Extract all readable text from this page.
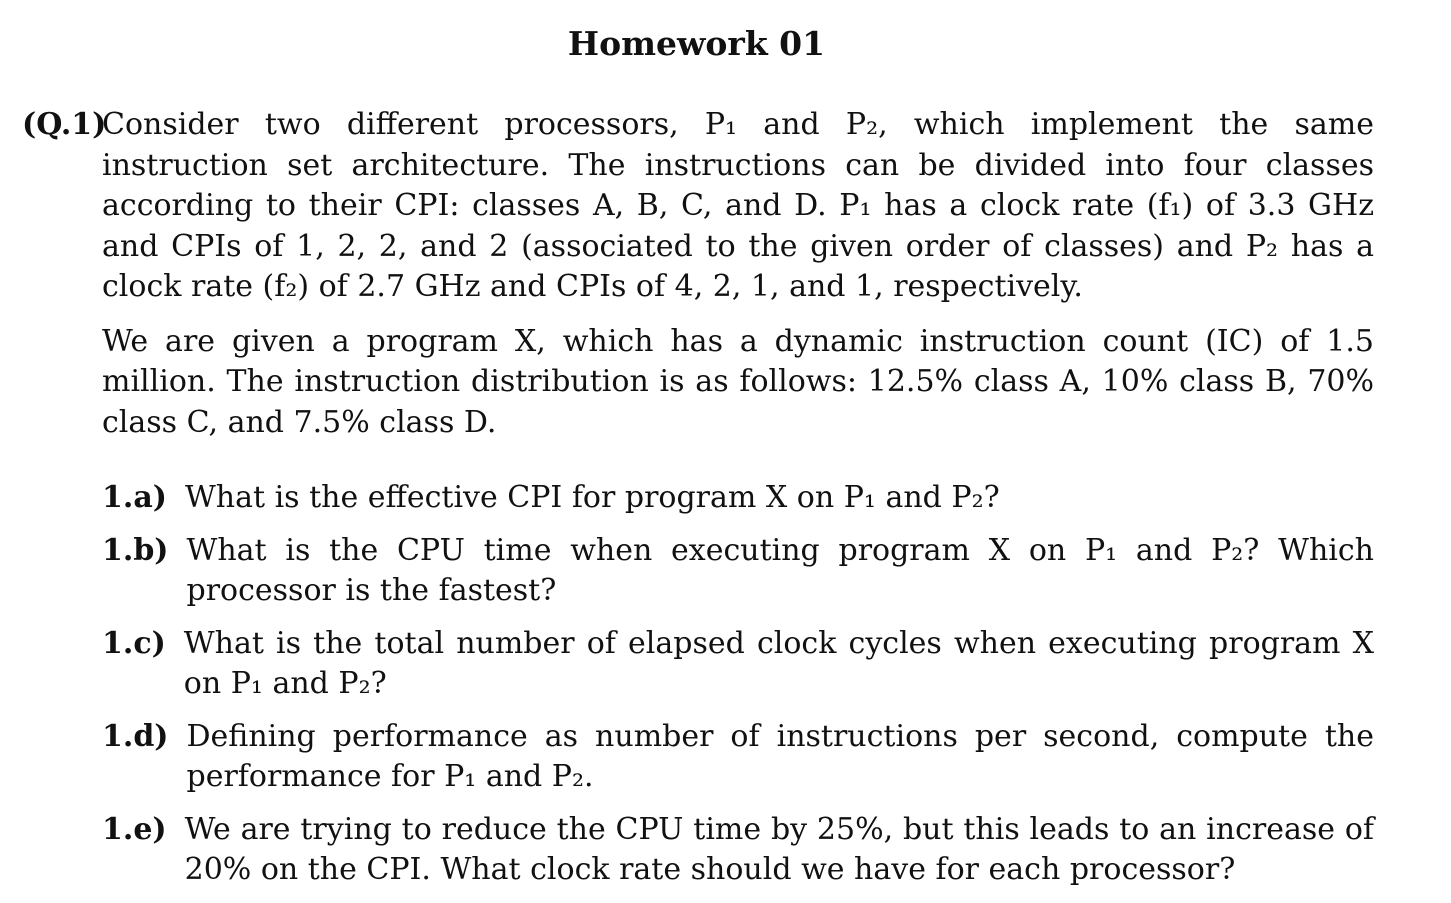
Homework 01
(Q.1)

Consider two different processors, P₁ and P₂, which implement the same instruction set architecture. The instructions can be divided into four classes according to their CPI: classes A, B, C, and D. P₁ has a clock rate (f₁) of 3.3 GHz and CPIs of 1, 2, 2, and 2 (associated to the given order of classes) and P₂ has a clock rate (f₂) of 2.7 GHz and CPIs of 4, 2, 1, and 1, respectively.

We are given a program X, which has a dynamic instruction count (IC) of 1.5 million. The instruction distribution is as follows: 12.5% class A, 10% class B, 70% class C, and 7.5% class D.

1.a) What is the effective CPI for program X on P₁ and P₂?
1.b) What is the CPU time when executing program X on P₁ and P₂? Which processor is the fastest?
1.c) What is the total number of elapsed clock cycles when executing program X on P₁ and P₂?
1.d) Defining performance as number of instructions per second, compute the performance for P₁ and P₂.
1.e) We are trying to reduce the CPU time by 25%, but this leads to an increase of 20% on the CPI. What clock rate should we have for each processor?
